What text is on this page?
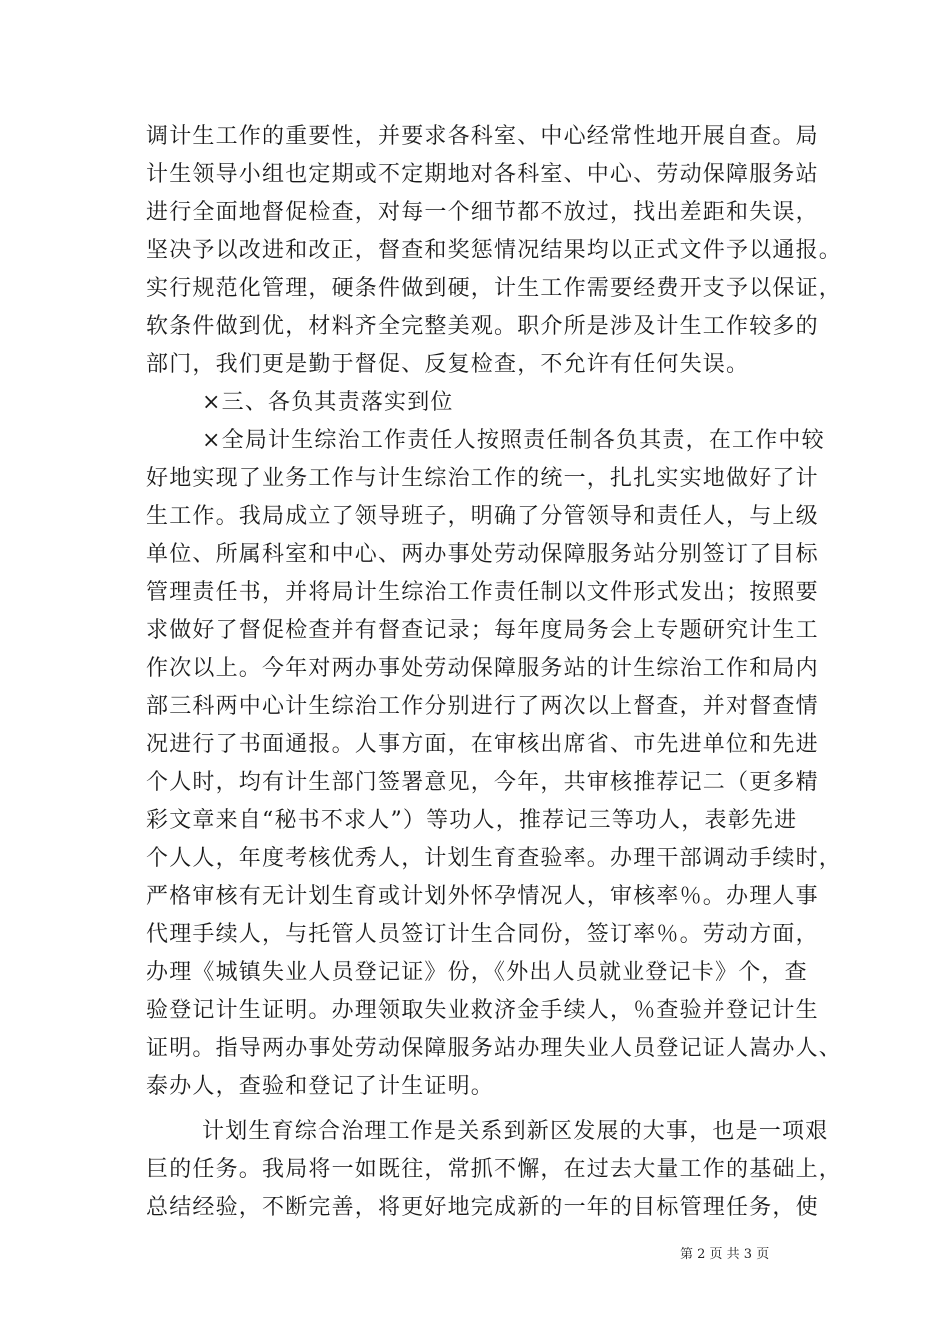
调计生工作的重要性，并要求各科室、中心经常性地开展自查。局
计生领导小组也定期或不定期地对各科室、中心、劳动保障服务站
进行全面地督促检查，对每一个细节都不放过，找出差距和失误，
坚决予以改进和改正，督查和奖惩情况结果均以正式文件予以通报。
实行规范化管理，硬条件做到硬，计生工作需要经费开支予以保证，
软条件做到优，材料齐全完整美观。职介所是涉及计生工作较多的
部门，我们更是勤于督促、反复检查，不允许有任何失误。
×三、各负其责落实到位
×全局计生综治工作责任人按照责任制各负其责，在工作中较
好地实现了业务工作与计生综治工作的统一，扎扎实实地做好了计
生工作。我局成立了领导班子，明确了分管领导和责任人，与上级
单位、所属科室和中心、两办事处劳动保障服务站分别签订了目标
管理责任书，并将局计生综治工作责任制以文件形式发出；按照要
求做好了督促检查并有督查记录；每年度局务会上专题研究计生工
作次以上。今年对两办事处劳动保障服务站的计生综治工作和局内
部三科两中心计生综治工作分别进行了两次以上督查，并对督查情
况进行了书面通报。人事方面，在审核出席省、市先进单位和先进
个人时，均有计生部门签署意见，今年，共审核推荐记二（更多精
彩文章来自“秘书不求人”）等功人，推荐记三等功人，表彰先进
个人人，年度考核优秀人，计划生育查验率。办理干部调动手续时，
严格审核有无计划生育或计划外怀孕情况人，审核率％。办理人事
代理手续人，与托管人员签订计生合同份，签订率％。劳动方面，
办理《城镇失业人员登记证》份，《外出人员就业登记卡》个，查
验登记计生证明。办理领取失业救济金手续人，％查验并登记计生
证明。指导两办事处劳动保障服务站办理失业人员登记证人嵩办人、
泰办人，查验和登记了计生证明。
计划生育综合治理工作是关系到新区发展的大事，也是一项艰
巨的任务。我局将一如既往，常抓不懈，在过去大量工作的基础上，
总结经验，不断完善，将更好地完成新的一年的目标管理任务，使
第 2 页 共 3 页
